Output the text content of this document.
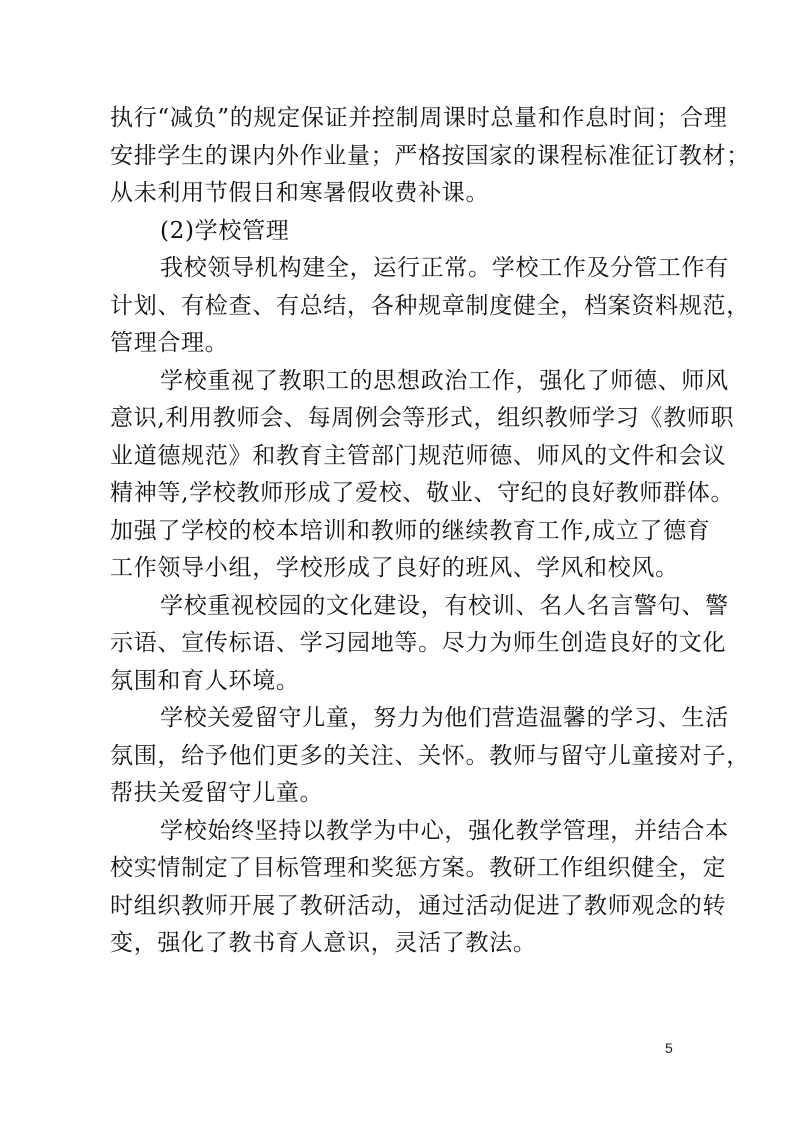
执行“减负”的规定保证并控制周课时总量和作息时间；合理
安排学生的课内外作业量；严格按国家的课程标准征订教材；
从未利用节假日和寒暑假收费补课。
(2)学校管理
我校领导机构建全，运行正常。学校工作及分管工作有
计划、有检查、有总结，各种规章制度健全，档案资料规范，
管理合理。
学校重视了教职工的思想政治工作，强化了师德、师风
意识,利用教师会、每周例会等形式，组织教师学习《教师职
业道德规范》和教育主管部门规范师德、师风的文件和会议
精神等,学校教师形成了爱校、敬业、守纪的良好教师群体。
加强了学校的校本培训和教师的继续教育工作,成立了德育
工作领导小组，学校形成了良好的班风、学风和校风。
学校重视校园的文化建设，有校训、名人名言警句、警
示语、宣传标语、学习园地等。尽力为师生创造良好的文化
氛围和育人环境。
学校关爱留守儿童，努力为他们营造温馨的学习、生活
氛围，给予他们更多的关注、关怀。教师与留守儿童接对子，
帮扶关爱留守儿童。
学校始终坚持以教学为中心，强化教学管理，并结合本
校实情制定了目标管理和奖惩方案。教研工作组织健全，定
时组织教师开展了教研活动，通过活动促进了教师观念的转
变，强化了教书育人意识，灵活了教法。
5
